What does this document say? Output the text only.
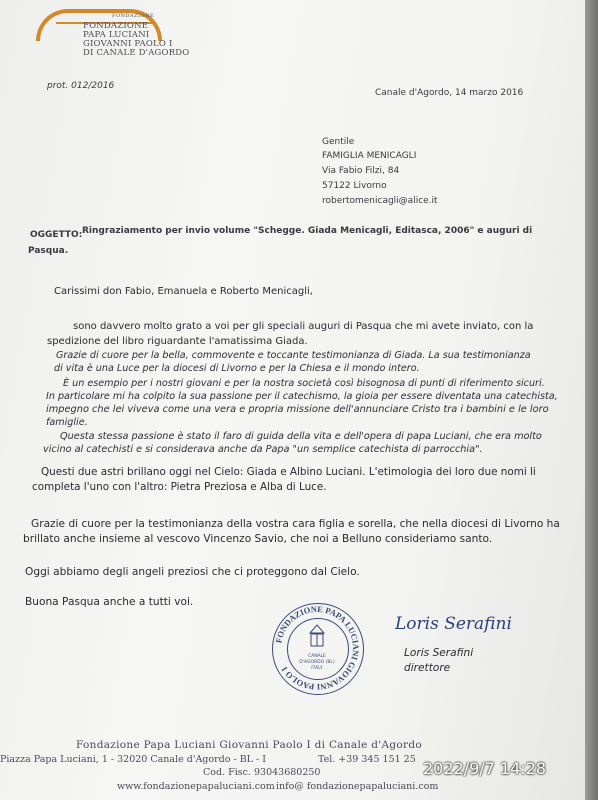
FONDAZIONE
FONDAZIONE
PAPA LUCIANI
GIOVANNI PAOLO I
DI CANALE D'AGORDO
prot. 012/2016
Canale d'Agordo, 14 marzo 2016
Gentile
FAMIGLIA MENICAGLI
Via Fabio Filzi, 84
57122 Livorno
robertomenicagli@alice.it
OGGETTO: Ringraziamento per invio volume "Schegge. Giada Menicagli, Editasca, 2006" e auguri di
Pasqua.
Carissimi don Fabio, Emanuela e Roberto Menicagli,
sono davvero molto grato a voi per gli speciali auguri di Pasqua che mi avete inviato, con la
spedizione del libro riguardante l'amatissima Giada.
Grazie di cuore per la bella, commovente e toccante testimonianza di Giada. La sua testimonianza
di vita è una Luce per la diocesi di Livorno e per la Chiesa e il mondo intero.
È un esempio per i nostri giovani e per la nostra società così bisognosa di punti di riferimento sicuri.
In particolare mi ha colpito la sua passione per il catechismo, la gioia per essere diventata una catechista,
impegno che lei viveva come una vera e propria missione dell'annunciare Cristo tra i bambini e le loro
famiglie.
Questa stessa passione è stato il faro di guida della vita e dell'opera di papa Luciani, che era molto
vicino al catechisti e si considerava anche da Papa "un semplice catechista di parrocchia".
Questi due astri brillano oggi nel Cielo: Giada e Albino Luciani. L'etimologia dei loro due nomi li
completa l'uno con l'altro: Pietra Preziosa e Alba di Luce.
Grazie di cuore per la testimonianza della vostra cara figlia e sorella, che nella diocesi di Livorno ha
brillato anche insieme al vescovo Vincenzo Savio, che noi a Belluno consideriamo santo.
Oggi abbiamo degli angeli preziosi che ci proteggono dal Cielo.
Buona Pasqua anche a tutti voi.
FONDAZIONE PAPA LUCIANI GIOVANNI PAOLO I
CANALE D'AGORDO (BL)
ITALY
Loris Serafini
Loris Serafini
direttore
Fondazione Papa Luciani Giovanni Paolo I di Canale d'Agordo
Piazza Papa Luciani, 1 - 32020 Canale d'Agordo - BL - I	Tel. +39 345 151 25
Cod. Fisc. 93043680250
www.fondazionepapaluciani.com info@ fondazionepapaluciani.com
2022/9/7 14:28
